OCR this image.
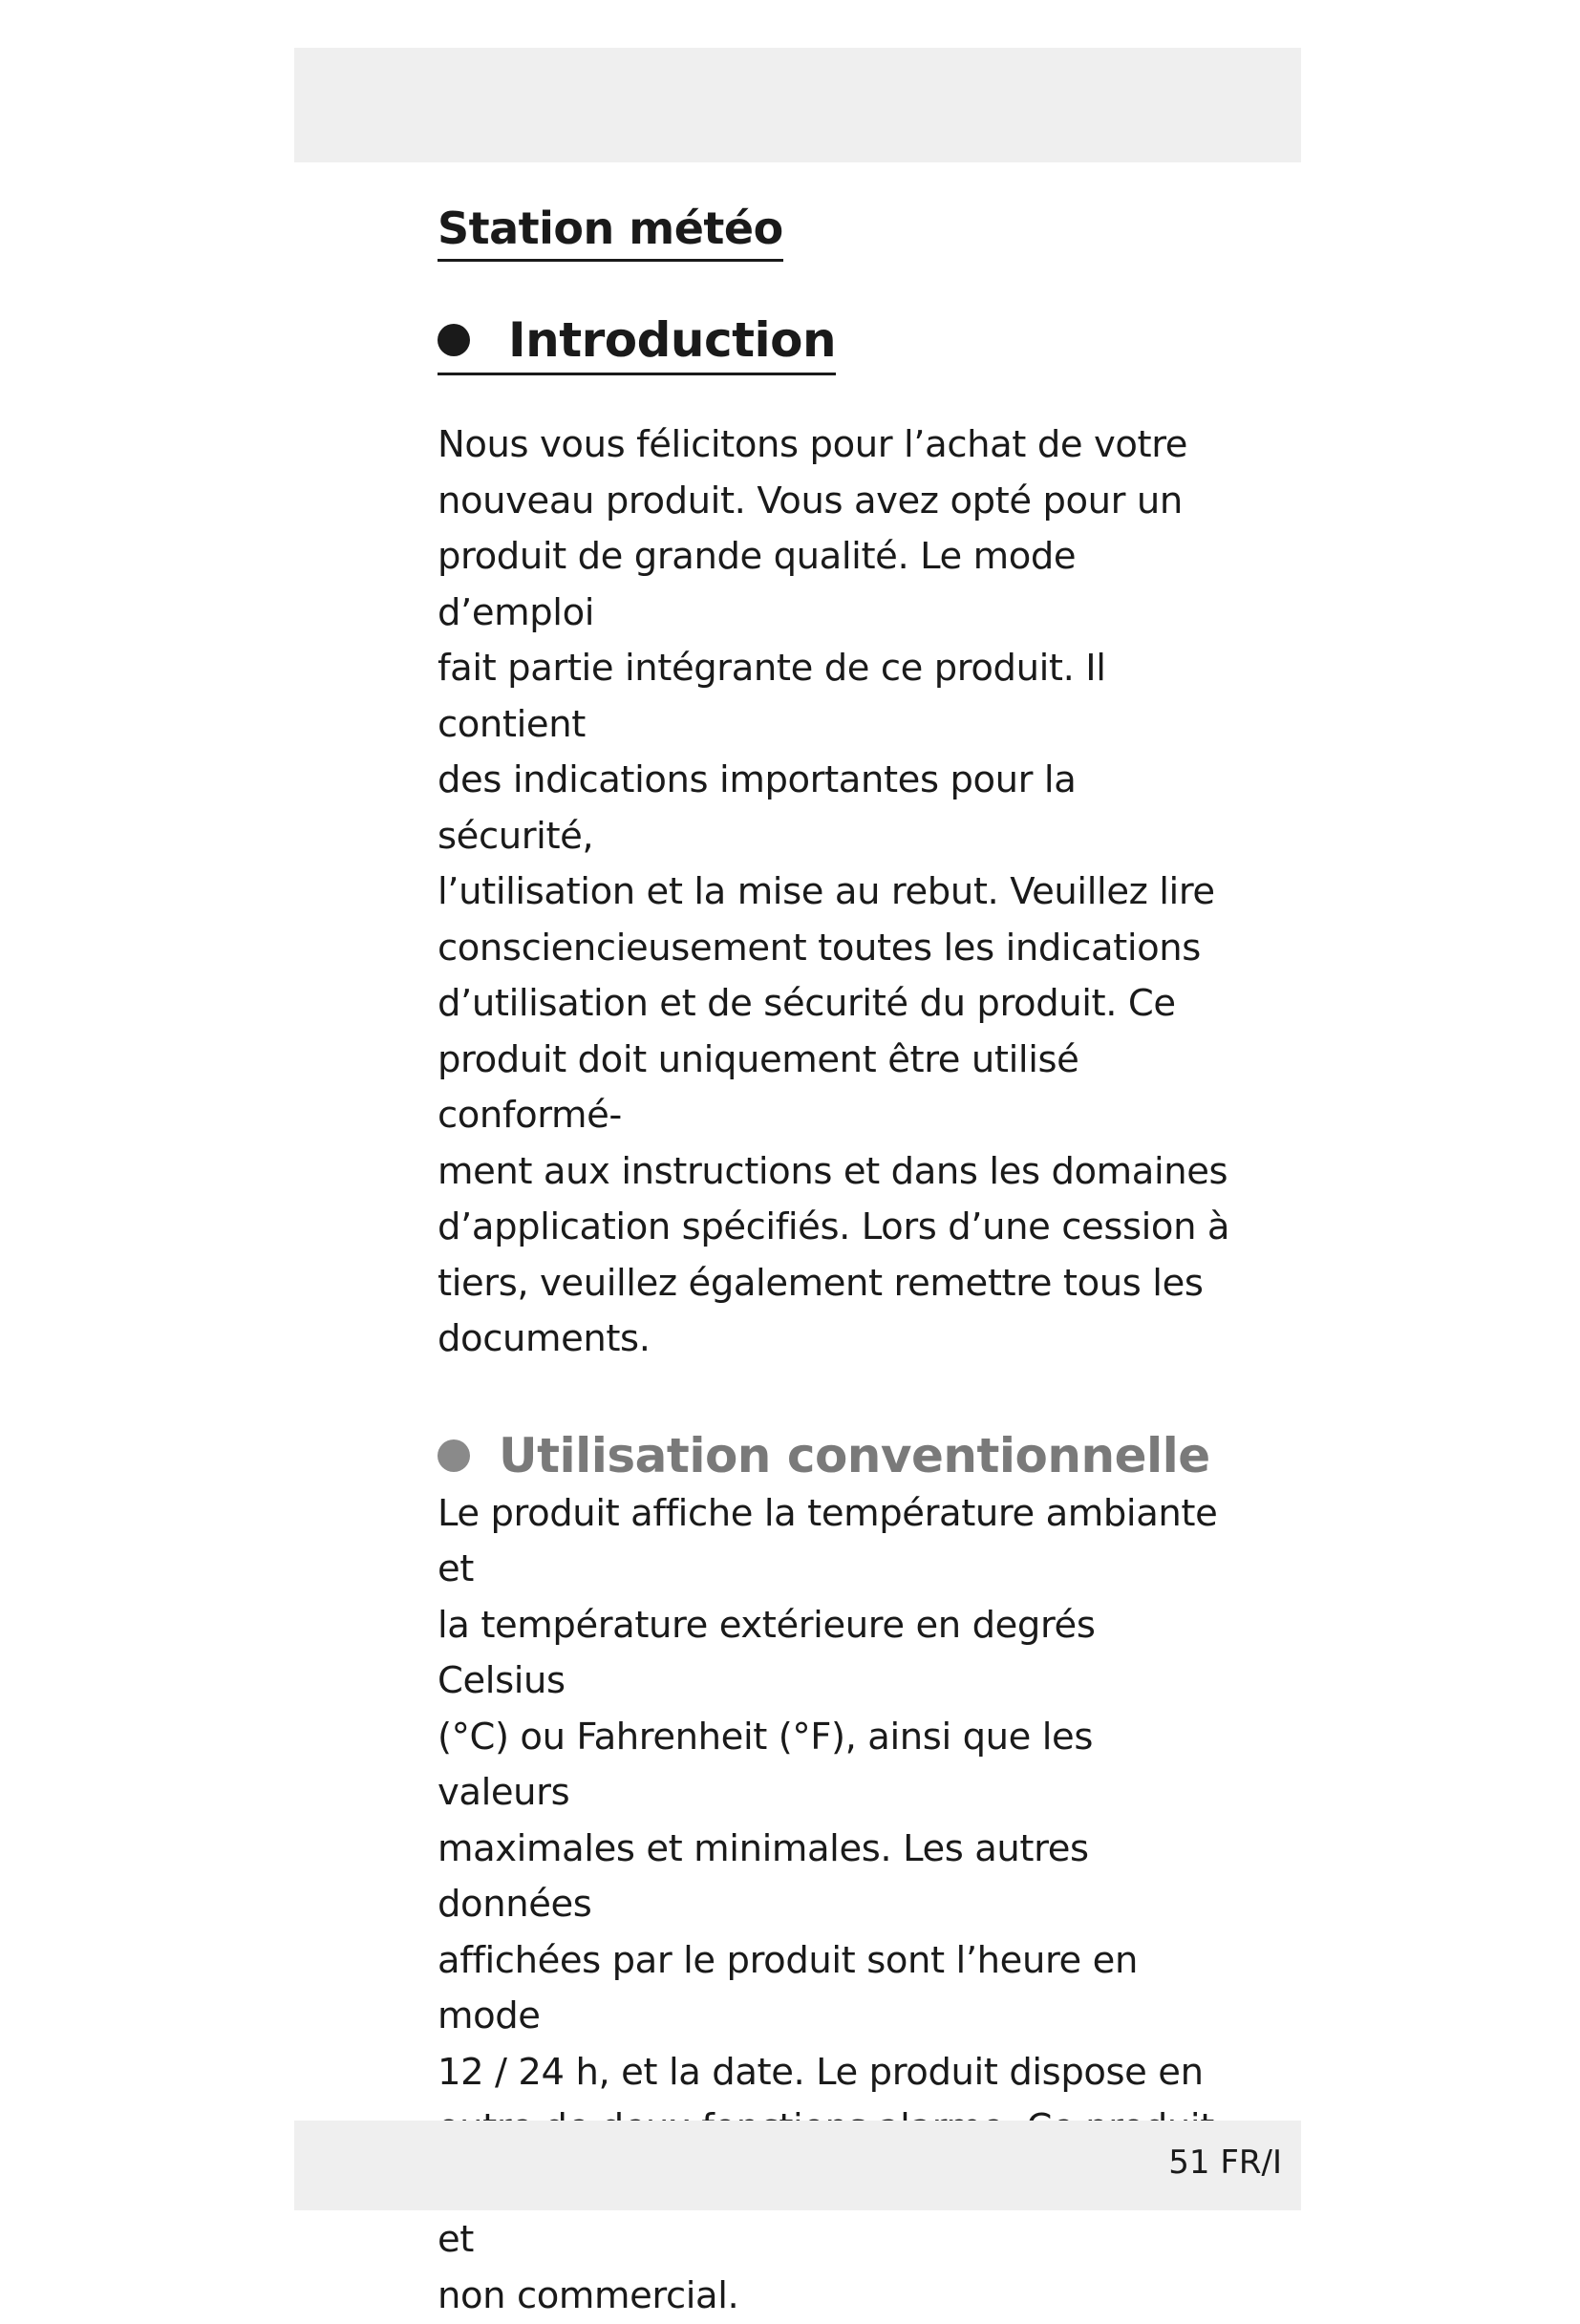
Station météo
Introduction

Nous vous félicitons pour l’achat de votre
nouveau produit. Vous avez opté pour un
produit de grande qualité. Le mode d’emploi
fait partie intégrante de ce produit. Il contient
des indications importantes pour la sécurité,
l’utilisation et la mise au rebut. Veuillez lire
consciencieusement toutes les indications
d’utilisation et de sécurité du produit. Ce
produit doit uniquement être utilisé conformé-
ment aux instructions et dans les domaines
d’application spécifiés. Lors d’une cession à
tiers, veuillez également remettre tous les
documents.

Utilisation conventionnelle

Le produit affiche la température ambiante et
la température extérieure en degrés Celsius
(°C) ou Fahrenheit (°F), ainsi que les valeurs
maximales et minimales. Les autres données
affichées par le produit sont l’heure en mode
12 / 24 h, et la date. Le produit dispose en

et
non commercial.

51 FR/I
